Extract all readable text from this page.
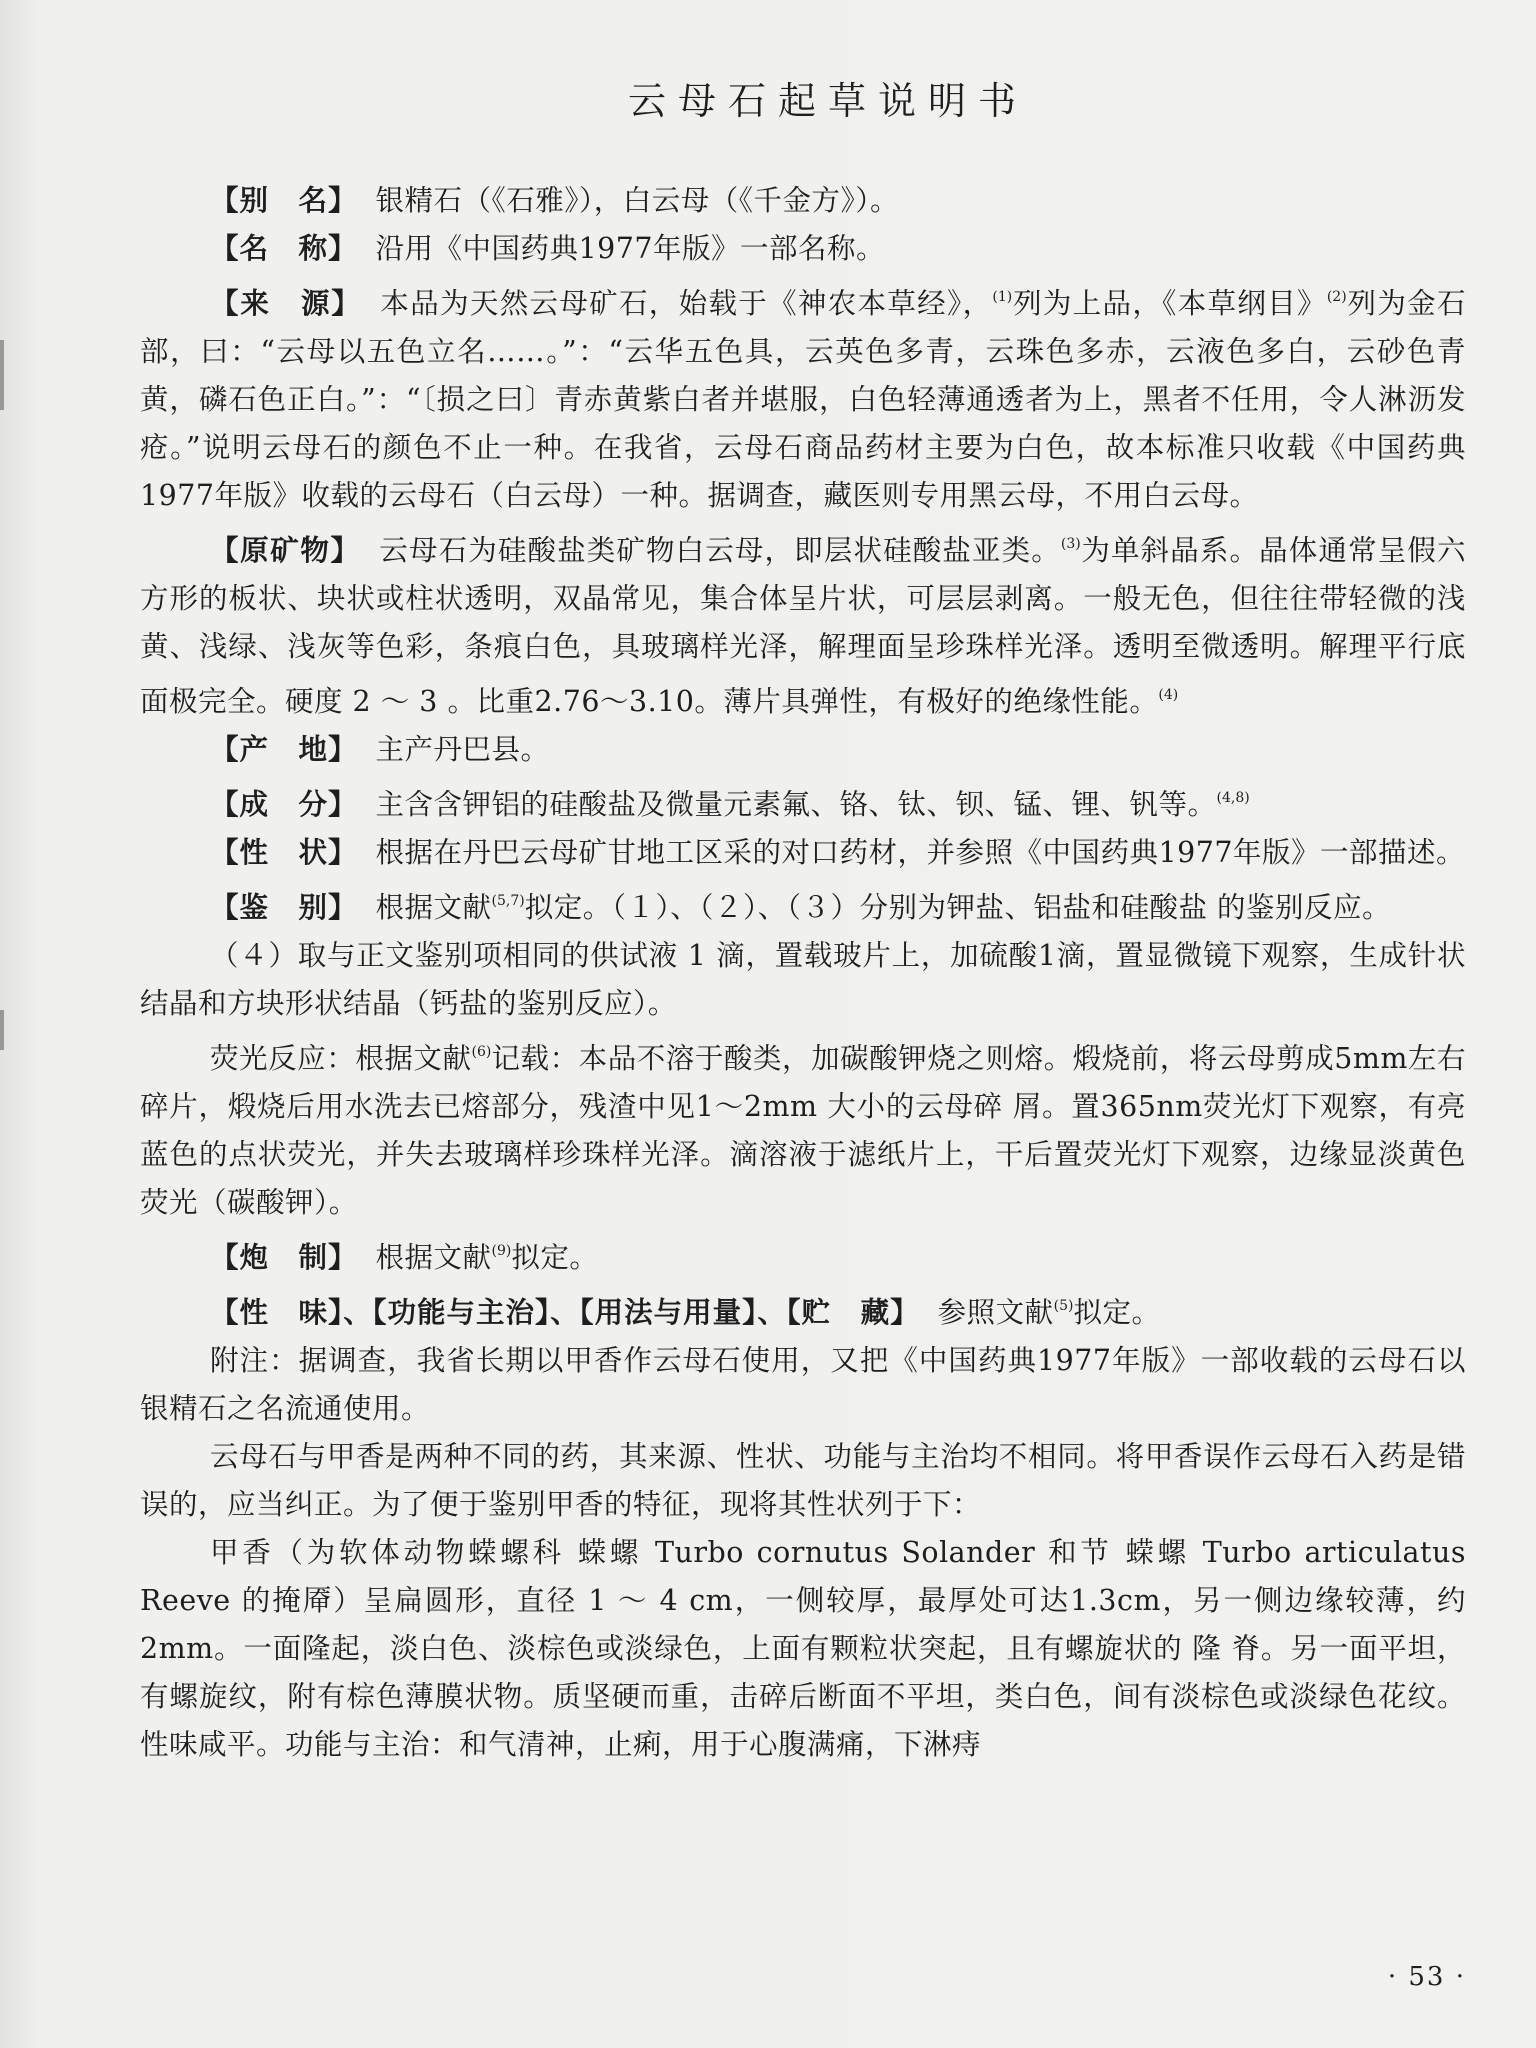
云母石起草说明书

【别　名】 银精石（《石雅》），白云母（《千金方》）。

【名　称】 沿用《中国药典1977年版》一部名称。

【来　源】 本品为天然云母矿石，始载于《神农本草经》，$^{(1)}$列为上品，《本草纲目》$^{(2)}$列为金石部，曰：“云母以五色立名……。”：“云华五色具，云英色多青，云珠色多赤，云液色多白，云砂色青黄，磷石色正白。”：“〔损之曰〕青赤黄紫白者并堪服，白色轻薄通透者为上，黑者不任用，令人淋沥发疮。”说明云母石的颜色不止一种。在我省，云母石商品药材主要为白色，故本标准只收载《中国药典1977年版》收载的云母石（白云母）一种。据调查，藏医则专用黑云母，不用白云母。

【原矿物】 云母石为硅酸盐类矿物白云母，即层状硅酸盐亚类。$^{(3)}$为单斜晶系。晶体通常呈假六方形的板状、块状或柱状透明，双晶常见，集合体呈片状，可层层剥离。一般无色，但往往带轻微的浅黄、浅绿、浅灰等色彩，条痕白色，具玻璃样光泽，解理面呈珍珠样光泽。透明至微透明。解理平行底面极完全。硬度 2 ～ 3 。比重2.76～3.10。薄片具弹性，有极好的绝缘性能。$^{(4)}$

【产　地】 主产丹巴县。

【成　分】 主含含钾铝的硅酸盐及微量元素氟、铬、钛、钡、锰、锂、钒等。$^{(4,8)}$

【性　状】 根据在丹巴云母矿甘地工区采的对口药材，并参照《中国药典1977年版》一部描述。

【鉴　别】 根据文献$^{(5,7)}$拟定。（１）、（２）、（３）分别为钾盐、铝盐和硅酸盐 的鉴别反应。

（４）取与正文鉴别项相同的供试液 1 滴，置载玻片上，加硫酸1滴，置显微镜下观察，生成针状结晶和方块形状结晶（钙盐的鉴别反应）。

荧光反应：根据文献$^{(6)}$记载：本品不溶于酸类，加碳酸钾烧之则熔。煅烧前，将云母剪成5mm左右碎片，煅烧后用水洗去已熔部分，残渣中见1～2mm 大小的云母碎 屑。置365nm荧光灯下观察，有亮蓝色的点状荧光，并失去玻璃样珍珠样光泽。滴溶液于滤纸片上，干后置荧光灯下观察，边缘显淡黄色荧光（碳酸钾）。

【炮　制】 根据文献$^{(9)}$拟定。

【性　味】、【功能与主治】、【用法与用量】、【贮　藏】 参照文献$^{(5)}$拟定。

附注：据调查，我省长期以甲香作云母石使用，又把《中国药典1977年版》一部收载的云母石以银精石之名流通使用。

云母石与甲香是两种不同的药，其来源、性状、功能与主治均不相同。将甲香误作云母石入药是错误的，应当纠正。为了便于鉴别甲香的特征，现将其性状列于下：

甲香（为软体动物蝾螺科 蝾螺 Turbo cornutus Solander 和节 蝾螺 Turbo articulatus Reeve 的掩厣）呈扁圆形，直径 1 ～ 4 cm，一侧较厚，最厚处可达1.3cm，另一侧边缘较薄，约 2mm。一面隆起，淡白色、淡棕色或淡绿色，上面有颗粒状突起，且有螺旋状的 隆 脊。另一面平坦，有螺旋纹，附有棕色薄膜状物。质坚硬而重，击碎后断面不平坦，类白色，间有淡棕色或淡绿色花纹。性味咸平。功能与主治：和气清神，止痢，用于心腹满痛，下淋痔

· 53 ·
